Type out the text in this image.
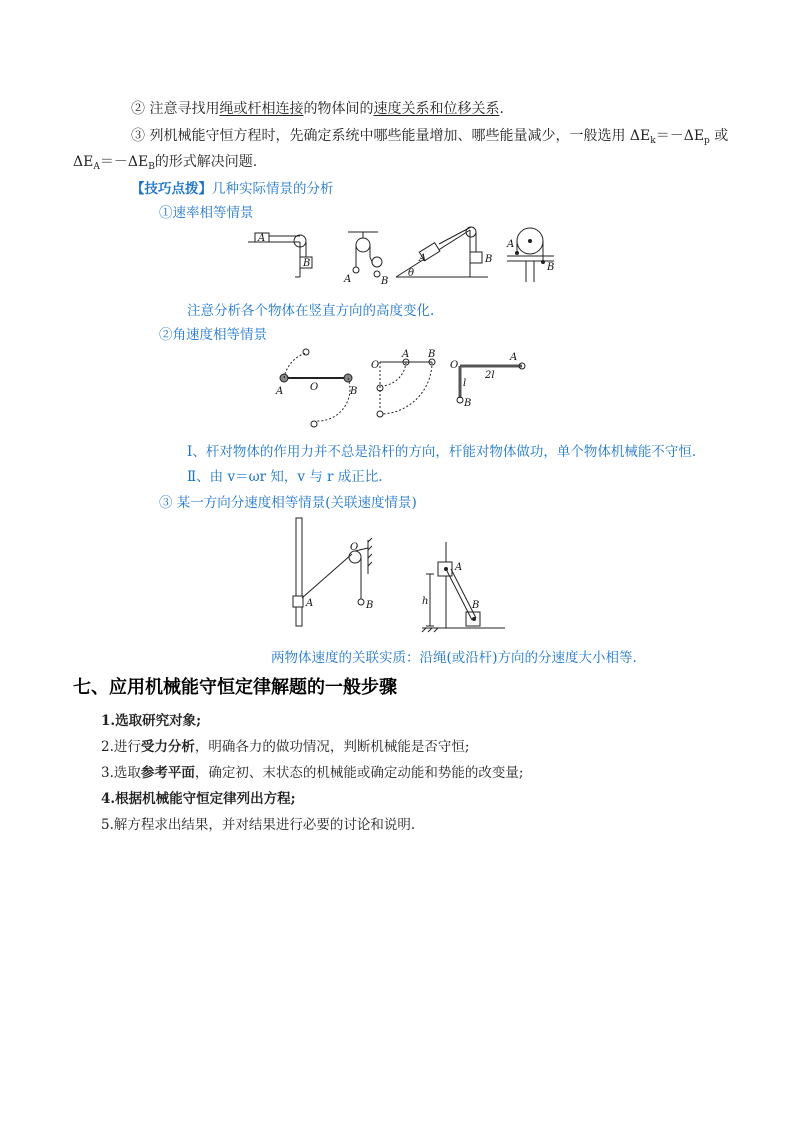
② 注意寻找用绳或杆相连接的物体间的速度关系和位移关系.
③ 列机械能守恒方程时，先确定系统中哪些能量增加、哪些能量减少，一般选用 $\Delta E_k=-\Delta E_p$ 或
$\Delta E_A=-\Delta E_B$的形式解决问题.
【技巧点拨】几种实际情景的分析
①速率相等情景
A
B
A	B
A
θ
B
A
B
注意分析各个物体在竖直方向的高度变化.
②角速度相等情景
A	O	B
O
A B
O
A
2l
l
B
Ⅰ、杆对物体的作用力并不总是沿杆的方向，杆能对物体做功，单个物体机械能不守恒.
Ⅱ、由 v＝ωr 知，v 与 r 成正比.
③ 某一方向分速度相等情景(关联速度情景)
A
O
B
A
B
h
两物体速度的关联实质：沿绳(或沿杆)方向的分速度大小相等.
七、应用机械能守恒定律解题的一般步骤
1.选取研究对象;
2.进行受力分析，明确各力的做功情况，判断机械能是否守恒;
3.选取参考平面，确定初、末状态的机械能或确定动能和势能的改变量;
4.根据机械能守恒定律列出方程;
5.解方程求出结果，并对结果进行必要的讨论和说明.
